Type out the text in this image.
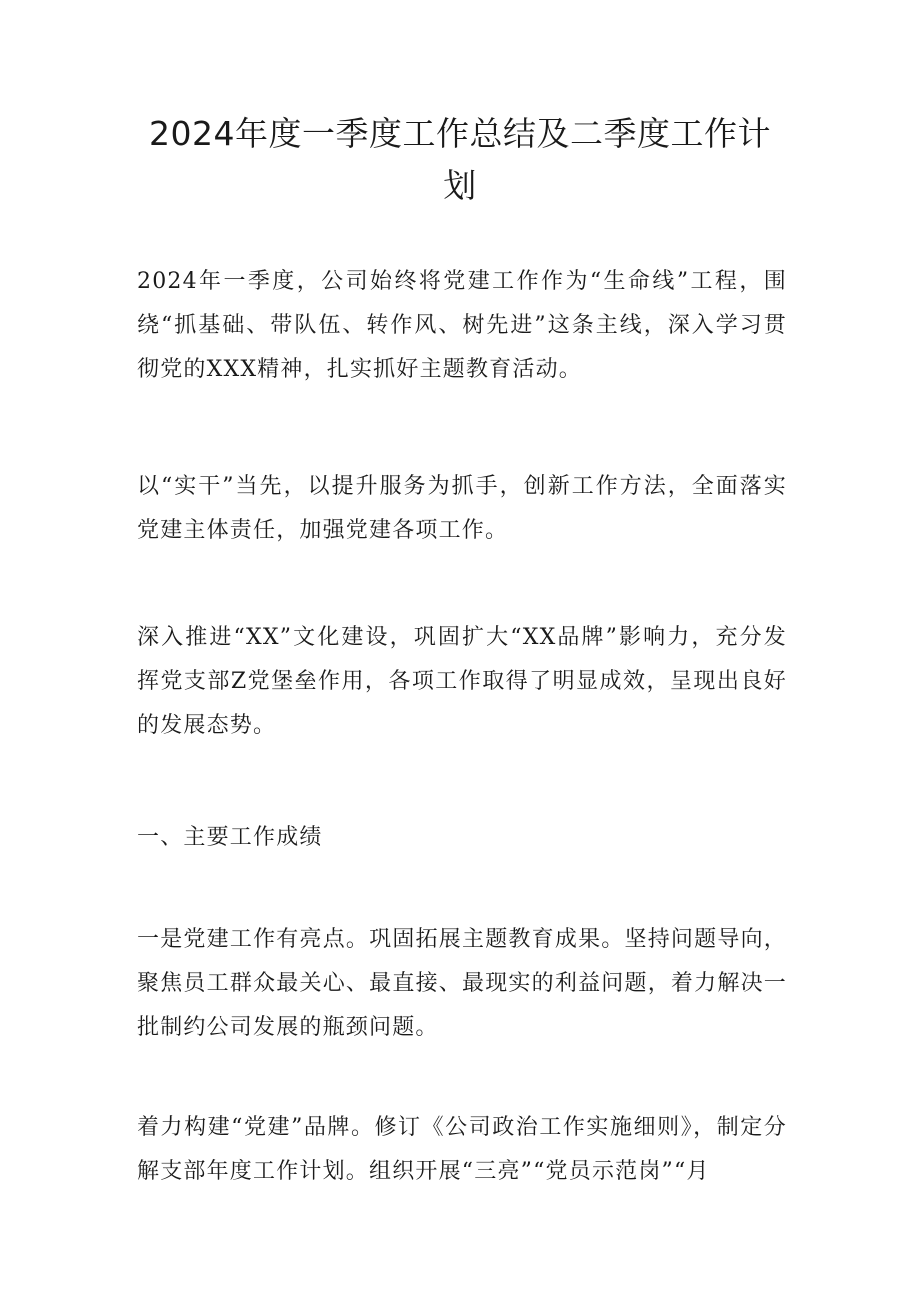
2024年度一季度工作总结及二季度工作计
划

2024年一季度，公司始终将党建工作作为“生命线”工程，围绕“抓基础、带队伍、转作风、树先进”这条主线，深入学习贯彻党的XXX精神，扎实抓好主题教育活动。

以“实干”当先，以提升服务为抓手，创新工作方法，全面落实党建主体责任，加强党建各项工作。

深入推进“XX”文化建设，巩固扩大“XX品牌”影响力，充分发挥党支部Z党堡垒作用，各项工作取得了明显成效，呈现出良好的发展态势。

一、主要工作成绩

一是党建工作有亮点。巩固拓展主题教育成果。坚持问题导向，聚焦员工群众最关心、最直接、最现实的利益问题，着力解决一批制约公司发展的瓶颈问题。

着力构建“党建”品牌。修订《公司政治工作实施细则》，制定分解支部年度工作计划。组织开展“三亮”“党员示范岗”“月
